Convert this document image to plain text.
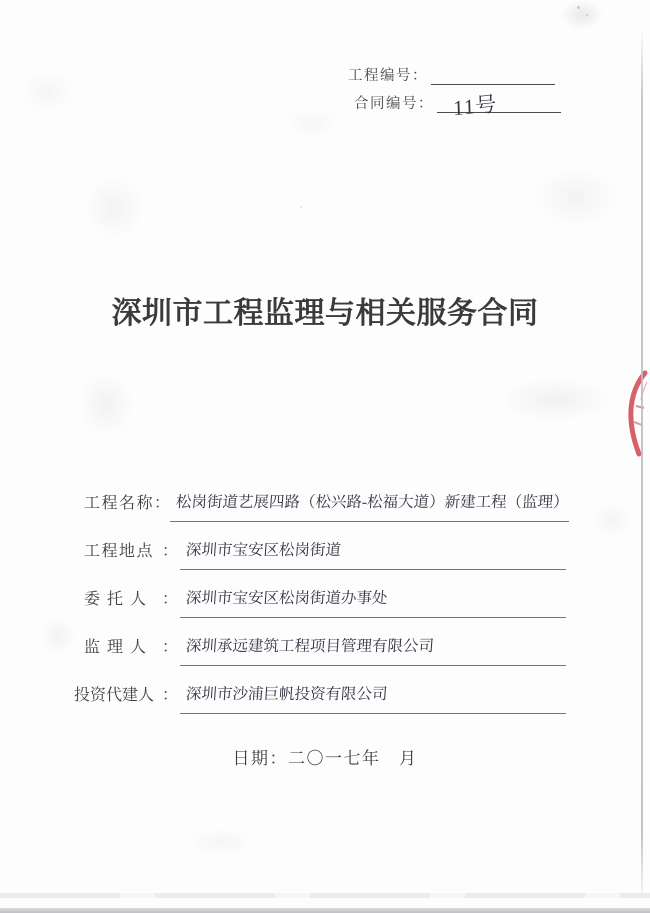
工程编号：
合同编号： 11号
深圳市工程监理与相关服务合同
工程名称 ： 松岗街道艺展四路（松兴路-松福大道）新建工程（监理）
工程地点 ： 深圳市宝安区松岗街道
委 托 人 ： 深圳市宝安区松岗街道办事处
监 理 人 ： 深圳承远建筑工程项目管理有限公司
投资代建人 ： 深圳市沙浦巨帆投资有限公司
日期：二〇一七年　月
